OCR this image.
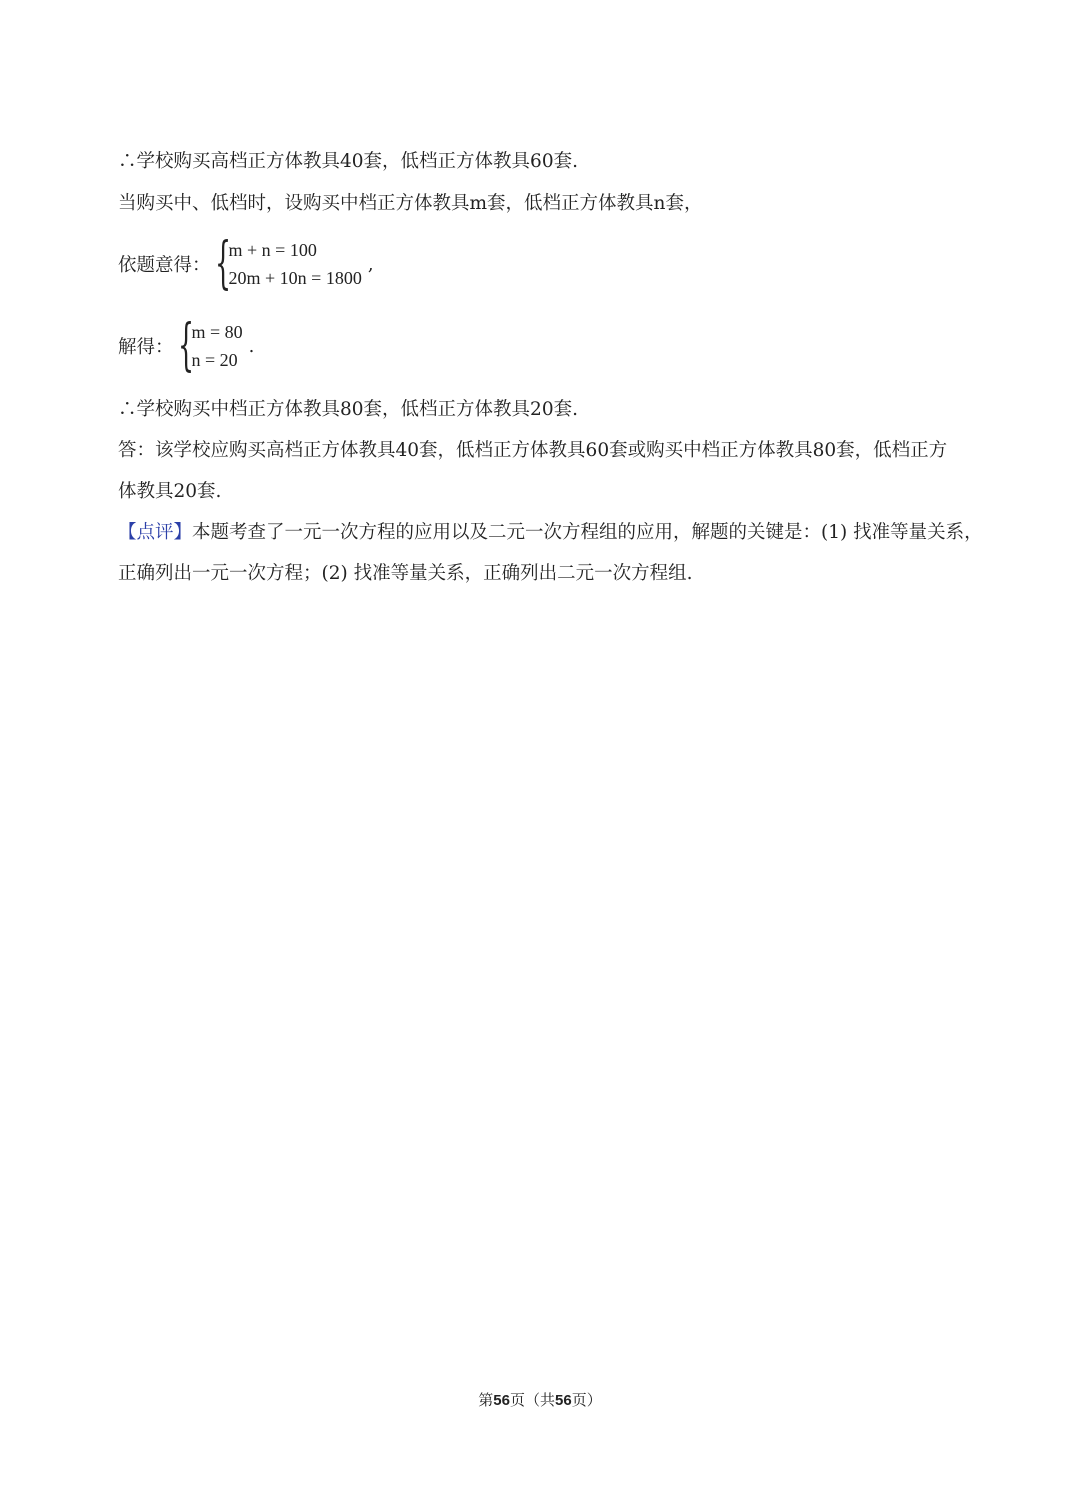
∴学校购买高档正方体教具40套，低档正方体教具60套.
当购买中、低档时，设购买中档正方体教具m套，低档正方体教具n套，
依题意得： {
m + n = 100
20m + 10n = 1800
,
解得： {
m = 80
n = 20
.
∴学校购买中档正方体教具80套，低档正方体教具20套.
答：该学校应购买高档正方体教具40套，低档正方体教具60套或购买中档正方体教具80套，低档正方
体教具20套.
【点评】本题考查了一元一次方程的应用以及二元一次方程组的应用，解题的关键是：(1) 找准等量关系，
正确列出一元一次方程；(2) 找准等量关系，正确列出二元一次方程组.
第56页（共56页）
